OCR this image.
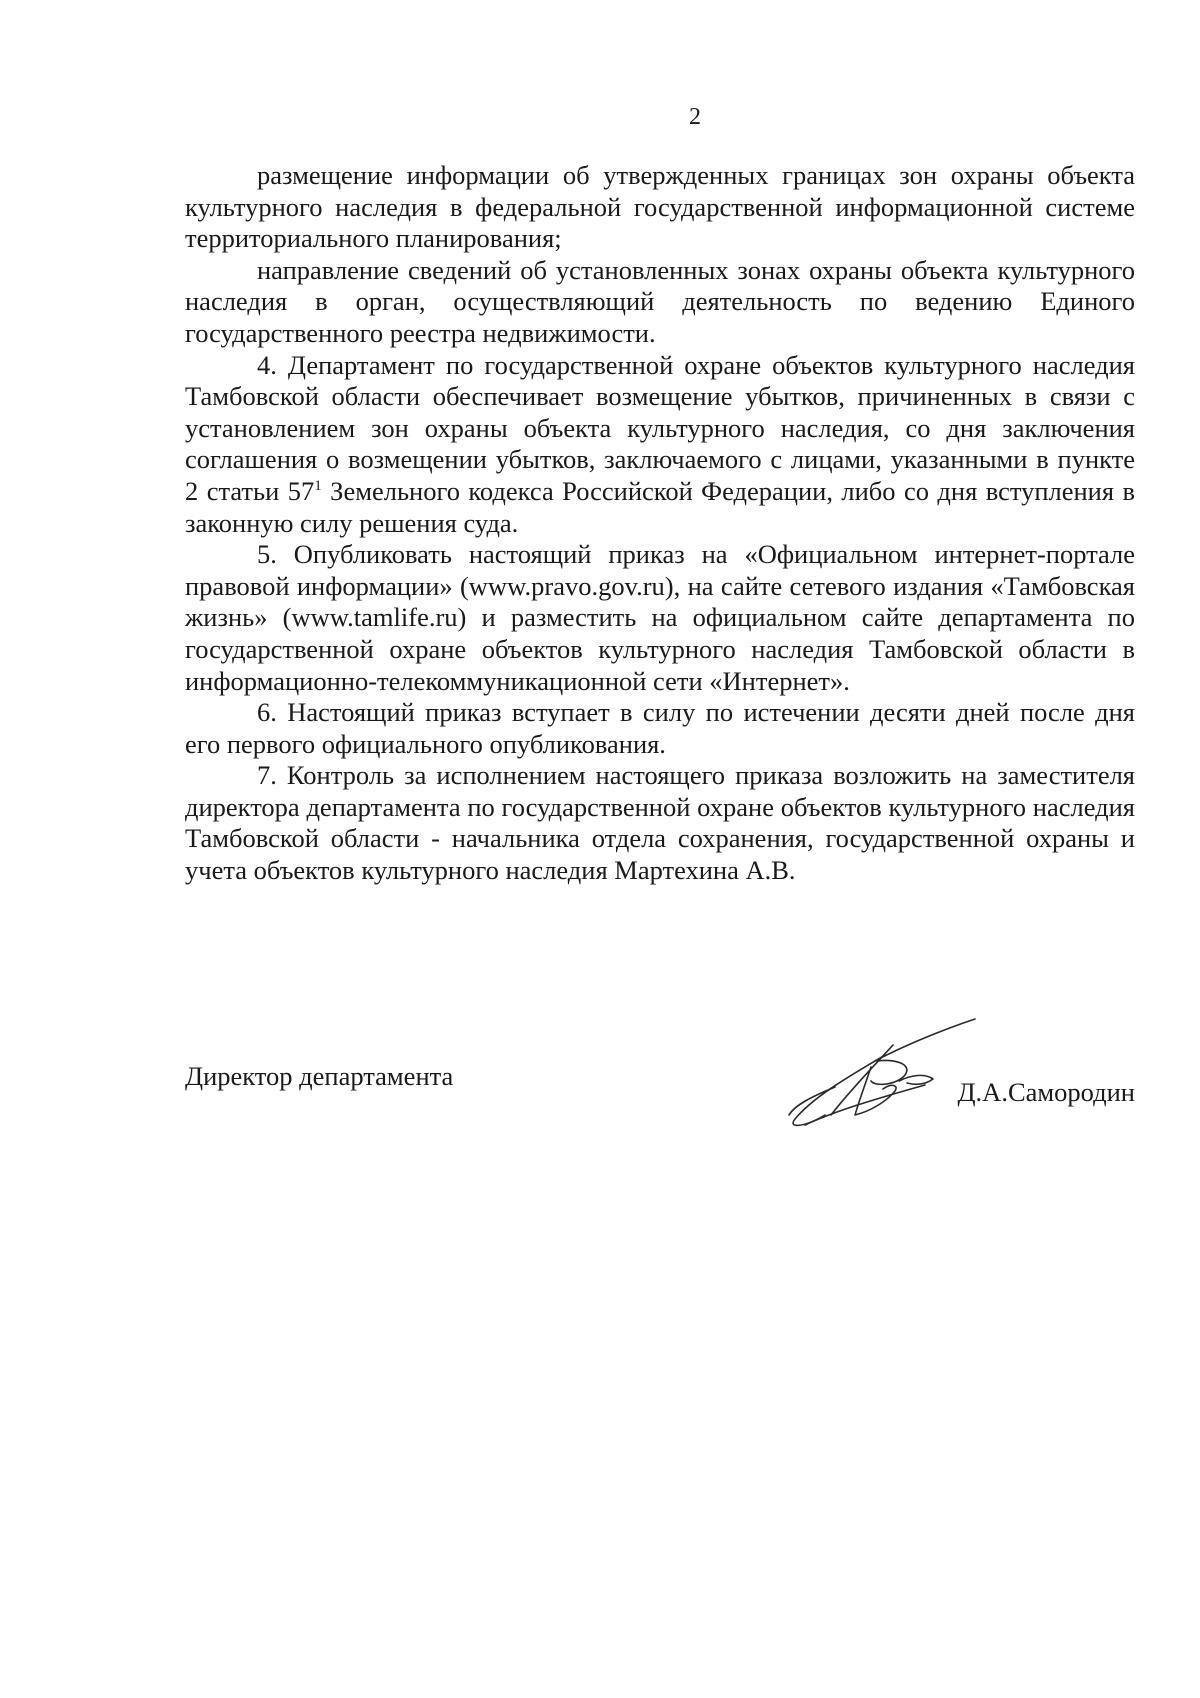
2

размещение информации об утвержденных границах зон охраны объекта культурного наследия в федеральной государственной информационной системе территориального планирования;

направление сведений об установленных зонах охраны объекта культурного наследия в орган, осуществляющий деятельность по ведению Единого государственного реестра недвижимости.

4. Департамент по государственной охране объектов культурного наследия Тамбовской области обеспечивает возмещение убытков, причиненных в связи с установлением зон охраны объекта культурного наследия, со дня заключения соглашения о возмещении убытков, заключаемого с лицами, указанными в пункте 2 статьи $57^1$ Земельного кодекса Российской Федерации, либо со дня вступления в законную силу решения суда.

5. Опубликовать настоящий приказ на «Официальном интернет-портале правовой информации» (www.pravo.gov.ru), на сайте сетевого издания «Тамбовская жизнь» (www.tamlife.ru) и разместить на официальном сайте департамента по государственной охране объектов культурного наследия Тамбовской области в информационно-телекоммуникационной сети «Интернет».

6. Настоящий приказ вступает в силу по истечении десяти дней после дня его первого официального опубликования.

7. Контроль за исполнением настоящего приказа возложить на заместителя директора департамента по государственной охране объектов культурного наследия Тамбовской области - начальника отдела сохранения, государственной охраны и учета объектов культурного наследия Мартехина А.В.

Директор департамента
Д.А.Самородин
